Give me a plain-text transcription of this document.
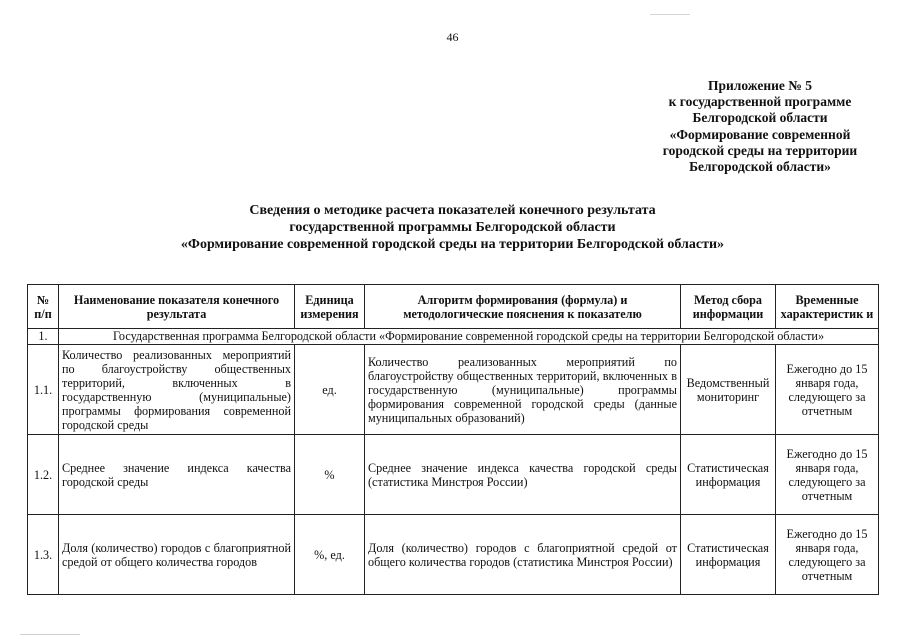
46
Приложение № 5
к государственной программе
Белгородской области
«Формирование современной
городской среды на территории
Белгородской области»
Сведения о методике расчета показателей конечного результата
государственной программы Белгородской области
«Формирование современной городской среды на территории Белгородской области»
№ п/п	Наименование показателя конечного результата	Единица измерения	Алгоритм формирования (формула) и методологические пояснения к показателю	Метод сбора информации	Временные характеристик и
1.	Государственная программа Белгородской области «Формирование современной городской среды на территории Белгородской области»				
1.1.	Количество реализованных мероприятий по благоустройству общественных территорий, включенных в государственную (муниципальные) программы формирования современной городской среды	ед.	Количество реализованных мероприятий по благоустройству общественных территорий, включенных в государственную (муниципальные) программы формирования современной городской среды (данные муниципальных образований)	Ведомственный мониторинг	Ежегодно до 15 января года, следующего за отчетным
1.2.	Среднее значение индекса качества городской среды	%	Среднее значение индекса качества городской среды (статистика Минстроя России)	Статистическая информация	Ежегодно до 15 января года, следующего за отчетным
1.3.	Доля (количество) городов с благоприятной средой от общего количества городов	%, ед.	Доля (количество) городов с благоприятной средой от общего количества городов (статистика Минстроя России)	Статистическая информация	Ежегодно до 15 января года, следующего за отчетным
